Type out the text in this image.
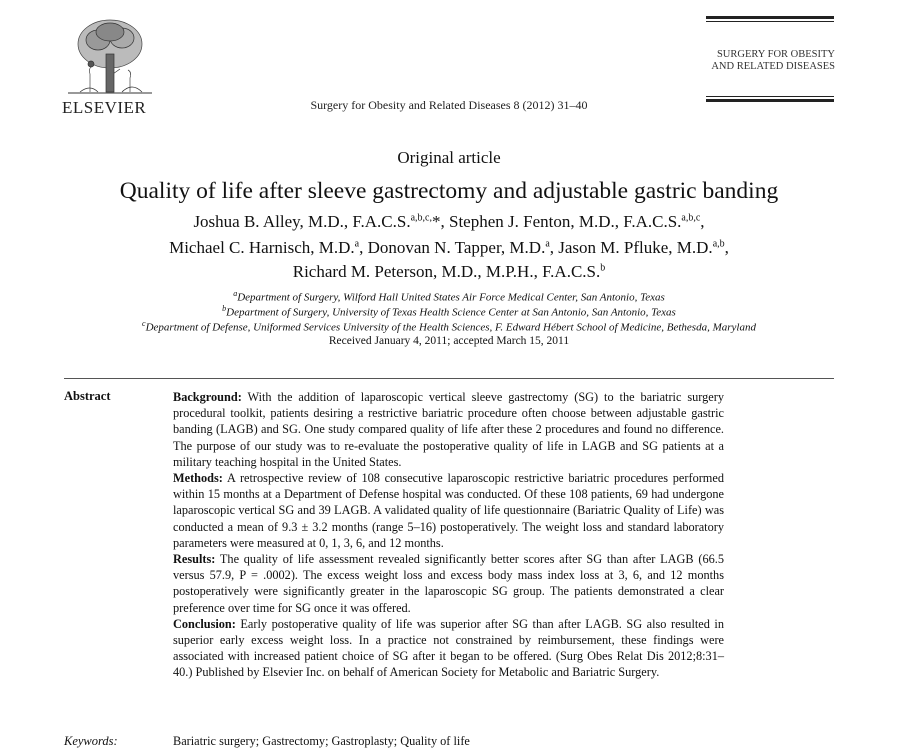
ELSEVIER	Surgery for Obesity and Related Diseases 8 (2012) 31–40
SURGERY FOR OBESITY
AND RELATED DISEASES
Original article
Quality of life after sleeve gastrectomy and adjustable gastric banding
Joshua B. Alley, M.D., F.A.C.S.$^{a,b,c,}$*, Stephen J. Fenton, M.D., F.A.C.S.$^{a,b,c}$,
Michael C. Harnisch, M.D.$^a$, Donovan N. Tapper, M.D.$^a$, Jason M. Pfluke, M.D.$^{a,b}$,
Richard M. Peterson, M.D., M.P.H., F.A.C.S.$^b$
$^a$Department of Surgery, Wilford Hall United States Air Force Medical Center, San Antonio, Texas
$^b$Department of Surgery, University of Texas Health Science Center at San Antonio, San Antonio, Texas
$^c$Department of Defense, Uniformed Services University of the Health Sciences, F. Edward Hébert School of Medicine, Bethesda, Maryland
Received January 4, 2011; accepted March 15, 2011
Abstract	Background: With the addition of laparoscopic vertical sleeve gastrectomy (SG) to the bariatric surgery procedural toolkit, patients desiring a restrictive bariatric procedure often choose between adjustable gastric banding (LAGB) and SG. One study compared quality of life after these 2 procedures and found no difference. The purpose of our study was to re-evaluate the postoperative quality of life in LAGB and SG patients at a military teaching hospital in the United States.

Methods: A retrospective review of 108 consecutive laparoscopic restrictive bariatric procedures performed within 15 months at a Department of Defense hospital was conducted. Of these 108 patients, 69 had undergone laparoscopic vertical SG and 39 LAGB. A validated quality of life questionnaire (Bariatric Quality of Life) was conducted a mean of 9.3 ± 3.2 months (range 5–16) postoperatively. The weight loss and standard laboratory parameters were measured at 0, 1, 3, 6, and 12 months.

Results: The quality of life assessment revealed significantly better scores after SG than after LAGB (66.5 versus 57.9, P = .0002). The excess weight loss and excess body mass index loss at 3, 6, and 12 months postoperatively were significantly greater in the laparoscopic SG group. The patients demonstrated a clear preference over time for SG once it was offered.

Conclusion: Early postoperative quality of life was superior after SG than after LAGB. SG also resulted in superior early excess weight loss. In a practice not constrained by reimbursement, these findings were associated with increased patient choice of SG after it began to be offered. (Surg Obes Relat Dis 2012;8:31–40.) Published by Elsevier Inc. on behalf of American Society for Metabolic and Bariatric Surgery.

Keywords:	Bariatric surgery; Gastrectomy; Gastroplasty; Quality of life
